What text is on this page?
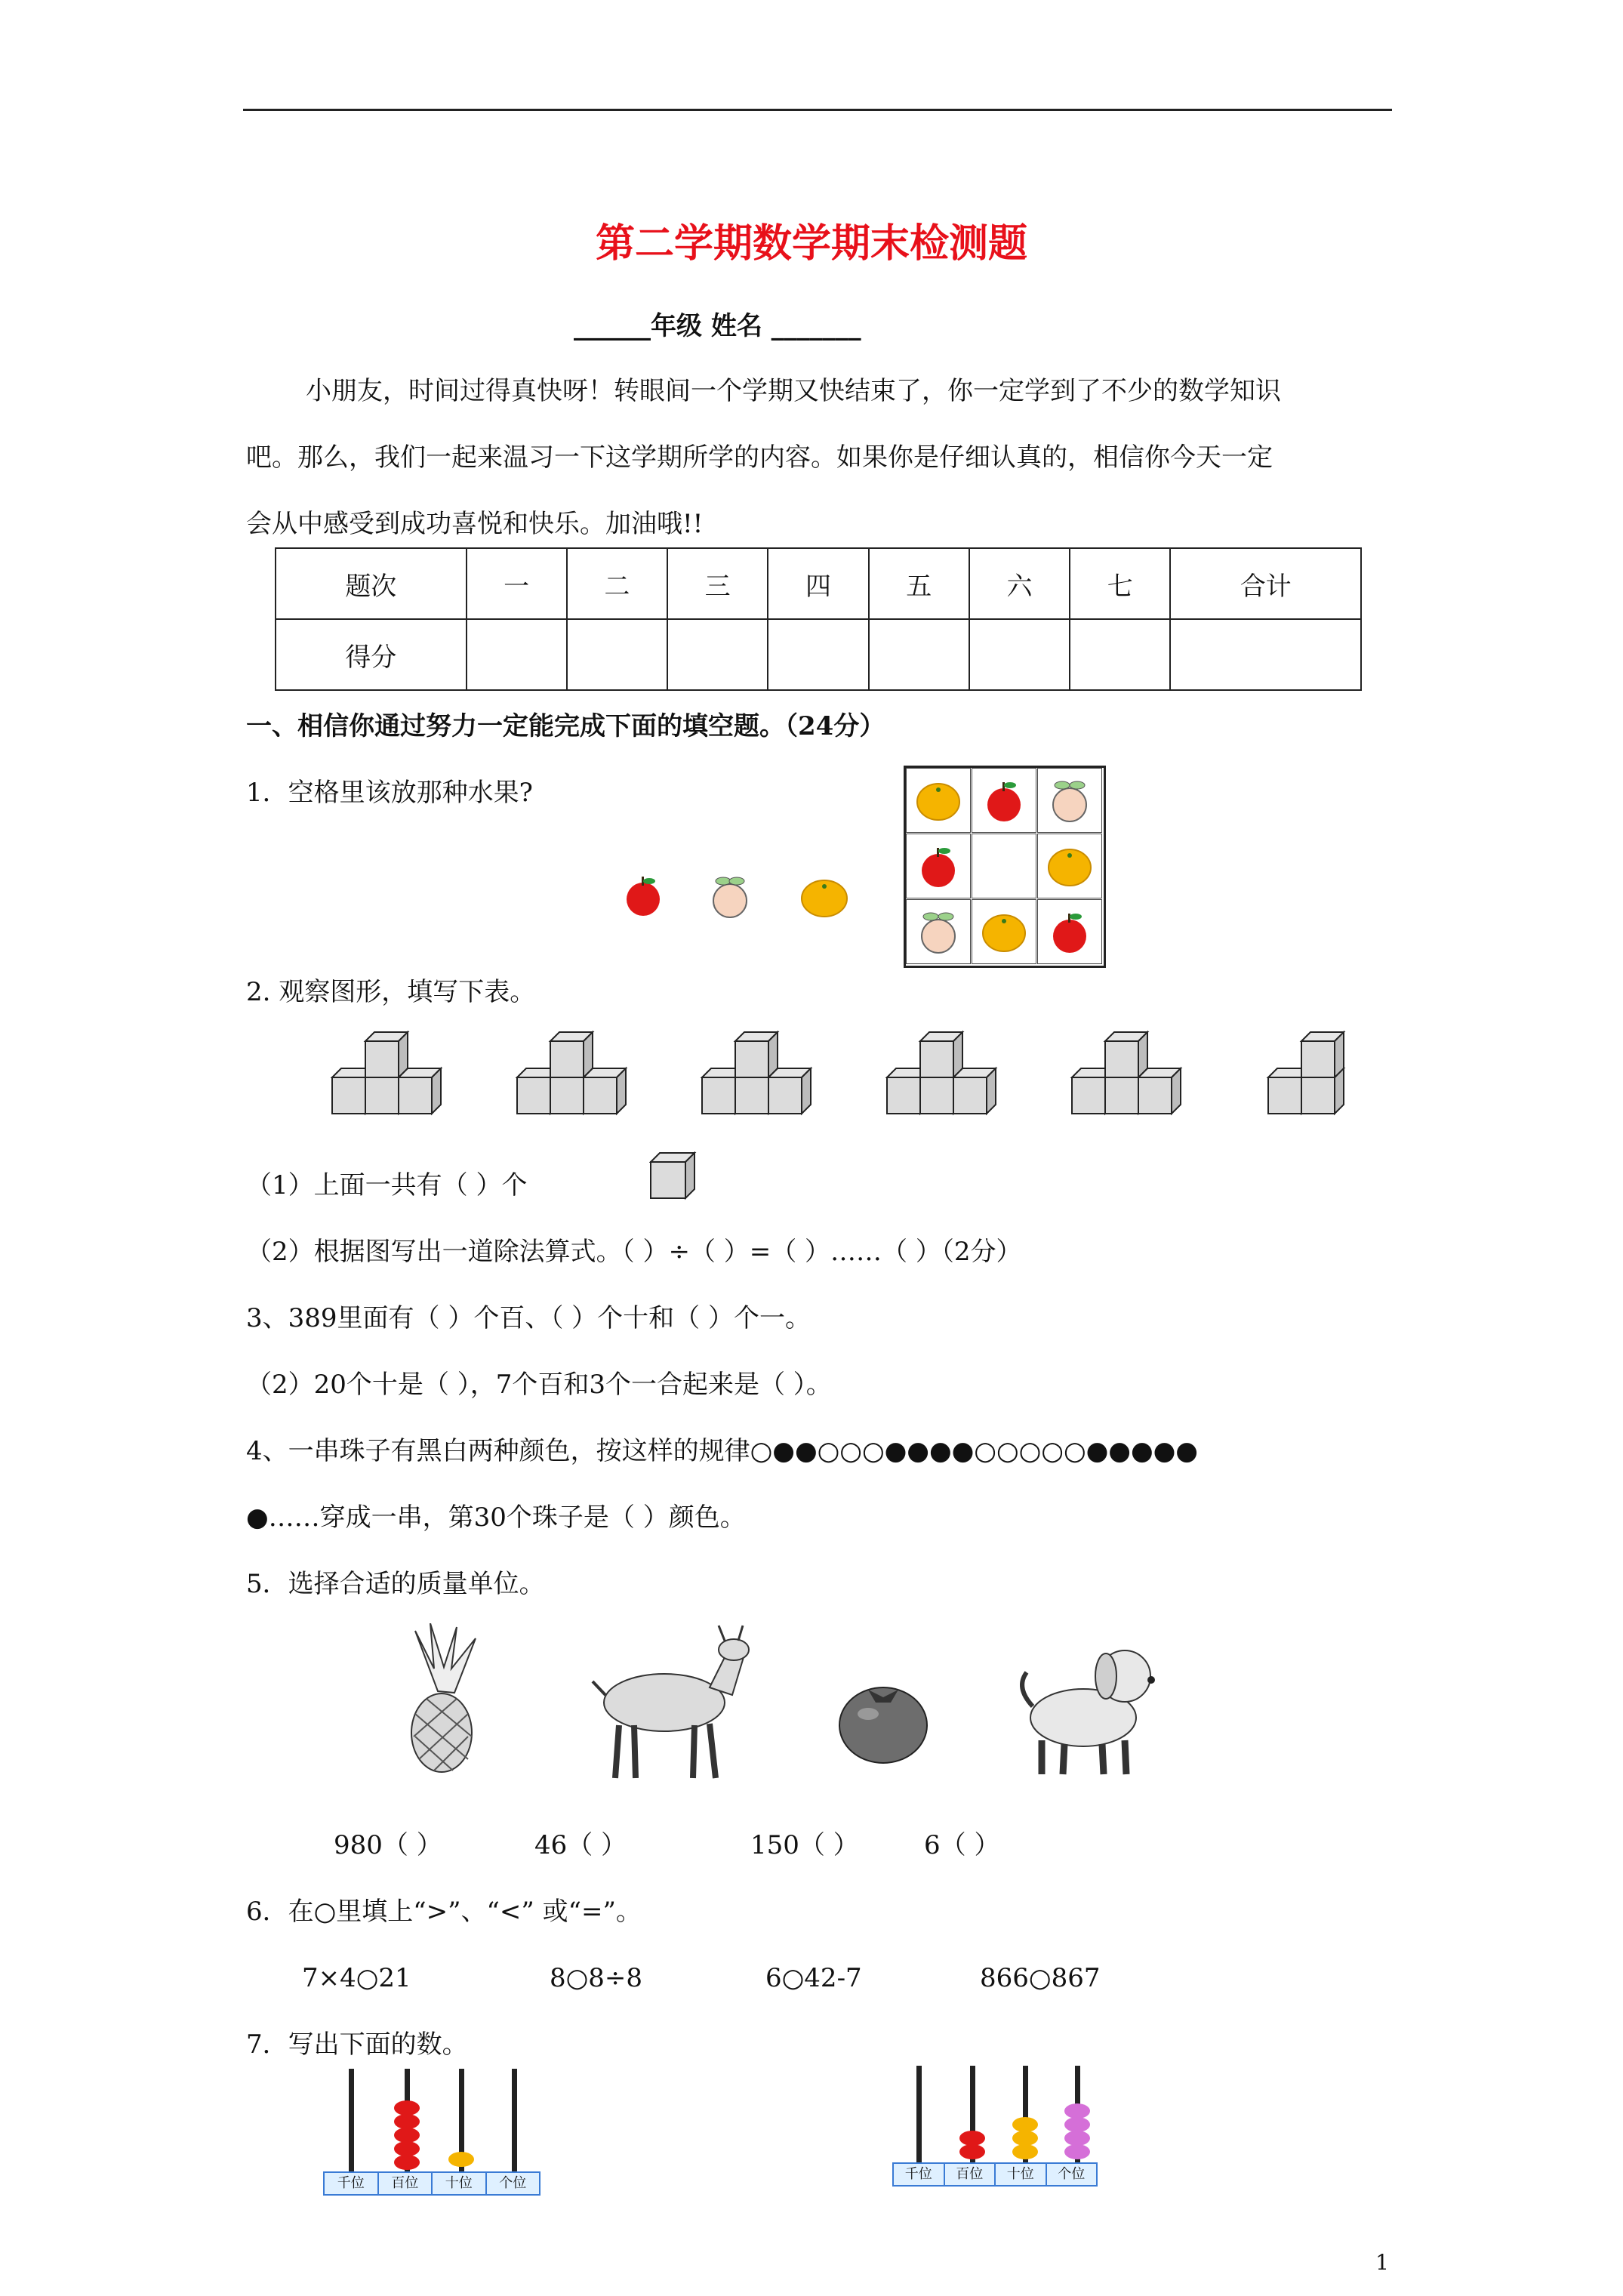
第二学期数学期末检测题
______年级 姓名 _______
小朋友，时间过得真快呀！转眼间一个学期又快结束了，你一定学到了不少的数学知识
吧。那么，我们一起来温习一下这学期所学的内容。如果你是仔细认真的，相信你今天一定
会从中感受到成功喜悦和快乐。加油哦!!
题次	一	二	三	四	五	六	七	合计
得分								
一、相信你通过努力一定能完成下面的填空题。（24分）
1．空格里该放那种水果?
2. 观察图形，填写下表。
（1）上面一共有（ ）个
（2）根据图写出一道除法算式。（ ）÷（ ）=（ ）……（ ）（2分）
3、389里面有（ ）个百、（ ）个十和（ ）个一。
（2）20个十是（ ），7个百和3个一合起来是（ ）。
4、一串珠子有黑白两种颜色，按这样的规律○●●○○○●●●●○○○○○●●●●●
●……穿成一串，第30个珠子是（ ）颜色。
5．选择合适的质量单位。
980（ ）	46（ ）	150（ ）	6（ ）
6．在○里填上“>”、“<” 或“=”。
7×4○21	8○8÷8	6○42-7	866○867
7．写出下面的数。
千位	百位	十位	个位
千位	百位	十位	个位
1
